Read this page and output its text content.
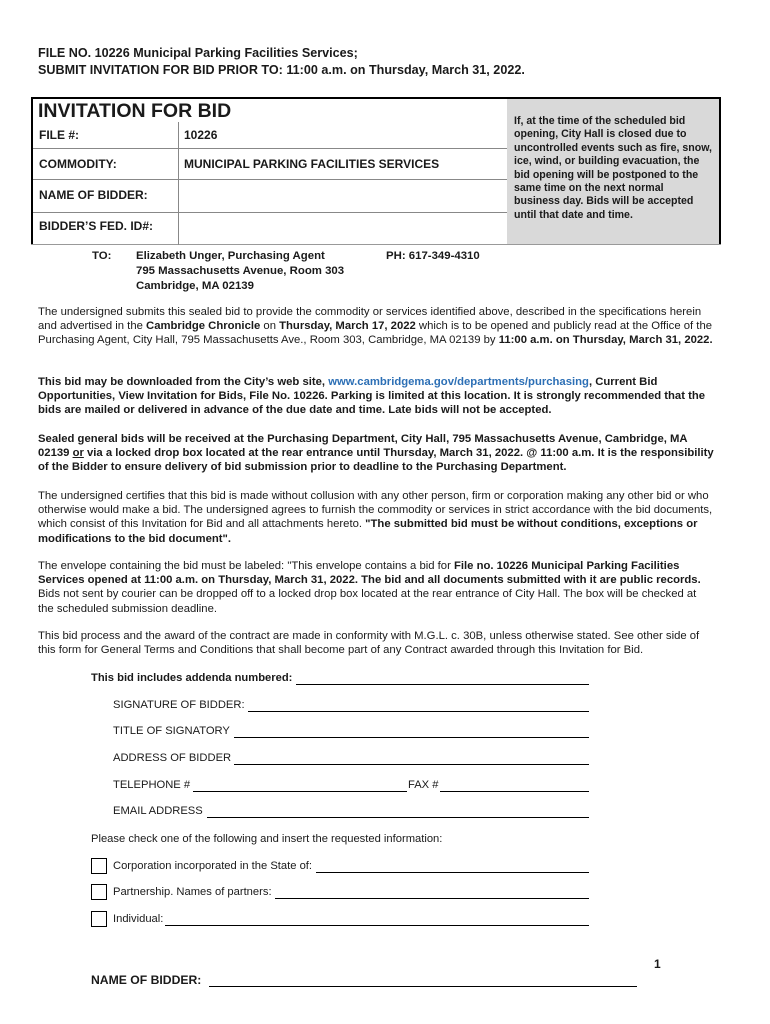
FILE NO. 10226 Municipal Parking Facilities Services;
SUBMIT INVITATION FOR BID PRIOR TO: 11:00 a.m. on Thursday, March 31, 2022.
If, at the time of the scheduled bid opening, City Hall is closed due to uncontrolled events such as fire, snow, ice, wind, or building evacuation, the bid opening will be postponed to the same time on the next normal business day. Bids will be accepted until that date and time.
INVITATION FOR BID
FILE #:	10226
COMMODITY:	MUNICIPAL PARKING FACILITIES SERVICES
NAME OF BIDDER:
BIDDER’S FED. ID#:
TO: Elizabeth Unger, Purchasing Agent
795 Massachusetts Avenue, Room 303
Cambridge, MA 02139
PH: 617-349-4310

The undersigned submits this sealed bid to provide the commodity or services identified above, described in the specifications herein and advertised in the Cambridge Chronicle on Thursday, March 17, 2022 which is to be opened and publicly read at the Office of the Purchasing Agent, City Hall, 795 Massachusetts Ave., Room 303, Cambridge, MA 02139 by 11:00 a.m. on Thursday, March 31, 2022.

This bid may be downloaded from the City’s web site, www.cambridgema.gov/departments/purchasing, Current Bid Opportunities, View Invitation for Bids, File No. 10226. Parking is limited at this location. It is strongly recommended that the bids are mailed or delivered in advance of the due date and time. Late bids will not be accepted.

Sealed general bids will be received at the Purchasing Department, City Hall, 795 Massachusetts Avenue, Cambridge, MA 02139 or via a locked drop box located at the rear entrance until Thursday, March 31, 2022. @ 11:00 a.m. It is the responsibility of the Bidder to ensure delivery of bid submission prior to deadline to the Purchasing Department.

The undersigned certifies that this bid is made without collusion with any other person, firm or corporation making any other bid or who otherwise would make a bid. The undersigned agrees to furnish the commodity or services in strict accordance with the bid documents, which consist of this Invitation for Bid and all attachments hereto. "The submitted bid must be without conditions, exceptions or modifications to the bid document".

The envelope containing the bid must be labeled: "This envelope contains a bid for File no. 10226 Municipal Parking Facilities Services opened at 11:00 a.m. on Thursday, March 31, 2022. The bid and all documents submitted with it are public records. Bids not sent by courier can be dropped off to a locked drop box located at the rear entrance of City Hall. The box will be checked at the scheduled submission deadline.

This bid process and the award of the contract are made in conformity with M.G.L. c. 30B, unless otherwise stated. See other side of this form for General Terms and Conditions that shall become part of any Contract awarded through this Invitation for Bid.

This bid includes addenda numbered:
SIGNATURE OF BIDDER:
TITLE OF SIGNATORY
ADDRESS OF BIDDER
TELEPHONE #	FAX #
EMAIL ADDRESS
Please check one of the following and insert the requested information:
Corporation incorporated in the State of:
Partnership. Names of partners:
Individual:
1
NAME OF BIDDER:
